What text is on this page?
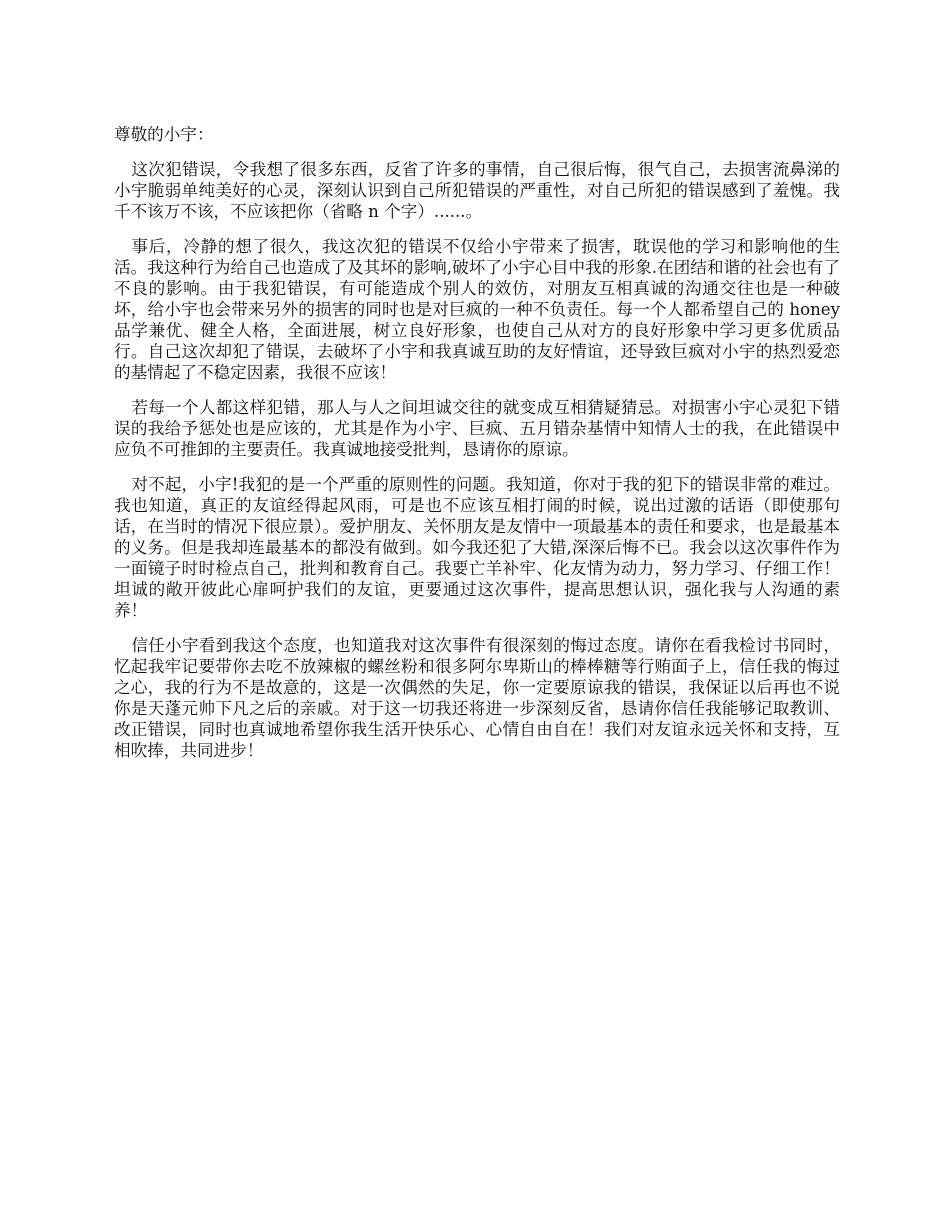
尊敬的小宇：

这次犯错误，令我想了很多东西，反省了许多的事情，自己很后悔，很气自己，去损害流鼻涕的小宇脆弱单纯美好的心灵，深刻认识到自己所犯错误的严重性，对自己所犯的错误感到了羞愧。我千不该万不该，不应该把你（省略 n 个字）......。

事后，冷静的想了很久，我这次犯的错误不仅给小宇带来了损害，耽误他的学习和影响他的生活。我这种行为给自己也造成了及其坏的影响,破坏了小宇心目中我的形象.在团结和谐的社会也有了不良的影响。由于我犯错误，有可能造成个别人的效仿，对朋友互相真诚的沟通交往也是一种破坏，给小宇也会带来另外的损害的同时也是对巨疯的一种不负责任。每一个人都希望自己的 honey 品学兼优、健全人格，全面进展，树立良好形象，也使自己从对方的良好形象中学习更多优质品行。自己这次却犯了错误，去破坏了小宇和我真诚互助的友好情谊，还导致巨疯对小宇的热烈爱恋的基情起了不稳定因素，我很不应该！

若每一个人都这样犯错，那人与人之间坦诚交往的就变成互相猜疑猜忌。对损害小宇心灵犯下错误的我给予惩处也是应该的，尤其是作为小宇、巨疯、五月错杂基情中知情人士的我，在此错误中应负不可推卸的主要责任。我真诚地接受批判，恳请你的原谅。

对不起，小宇!我犯的是一个严重的原则性的问题。我知道，你对于我的犯下的错误非常的难过。我也知道，真正的友谊经得起风雨，可是也不应该互相打闹的时候，说出过激的话语（即使那句话，在当时的情况下很应景）。爱护朋友、关怀朋友是友情中一项最基本的责任和要求，也是最基本的义务。但是我却连最基本的都没有做到。如今我还犯了大错,深深后悔不已。我会以这次事件作为一面镜子时时检点自己，批判和教育自己。我要亡羊补牢、化友情为动力，努力学习、仔细工作！坦诚的敞开彼此心扉呵护我们的友谊，更要通过这次事件，提高思想认识，强化我与人沟通的素养！

信任小宇看到我这个态度，也知道我对这次事件有很深刻的悔过态度。请你在看我检讨书同时，忆起我牢记要带你去吃不放辣椒的螺丝粉和很多阿尔卑斯山的棒棒糖等行贿面子上，信任我的悔过之心，我的行为不是故意的，这是一次偶然的失足，你一定要原谅我的错误，我保证以后再也不说你是天蓬元帅下凡之后的亲戚。对于这一切我还将进一步深刻反省，恳请你信任我能够记取教训、改正错误，同时也真诚地希望你我生活开快乐心、心情自由自在！我们对友谊永远关怀和支持，互相吹捧，共同进步！
